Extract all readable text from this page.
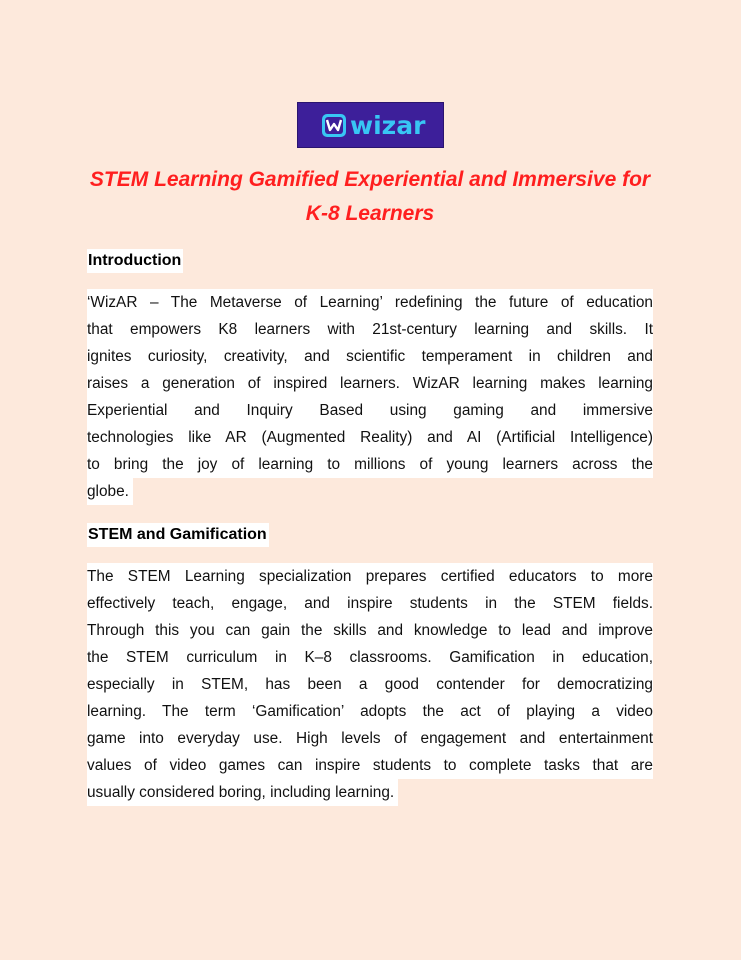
wizar
STEM Learning Gamified Experiential and Immersive for
K-8 Learners
Introduction
‘WizAR – The Metaverse of Learning’ redefining the future of education
that empowers K8 learners with 21st-century learning and skills. It
ignites curiosity, creativity, and scientific temperament in children and
raises a generation of inspired learners. WizAR learning makes learning
Experiential and Inquiry Based using gaming and immersive
technologies like AR (Augmented Reality) and AI (Artificial Intelligence)
to bring the joy of learning to millions of young learners across the
globe.
STEM and Gamification
The STEM Learning specialization prepares certified educators to more
effectively teach, engage, and inspire students in the STEM fields.
Through this you can gain the skills and knowledge to lead and improve
the STEM curriculum in K–8 classrooms. Gamification in education,
especially in STEM, has been a good contender for democratizing
learning. The term ‘Gamification’ adopts the act of playing a video
game into everyday use. High levels of engagement and entertainment
values of video games can inspire students to complete tasks that are
usually considered boring, including learning.
